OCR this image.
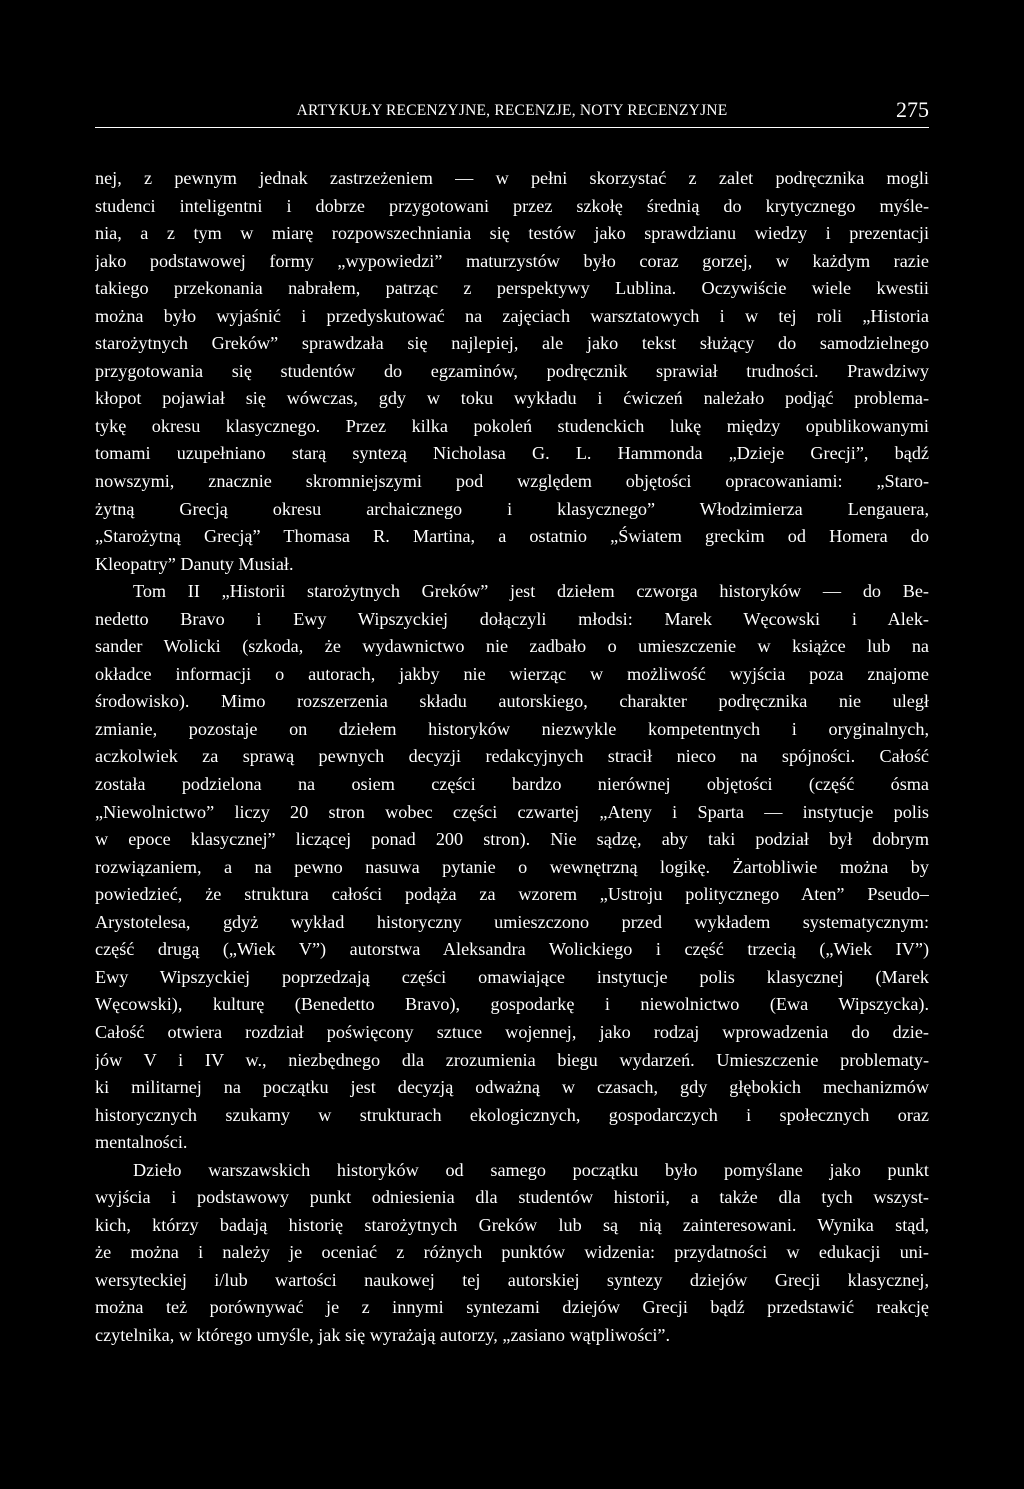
ARTYKUŁY RECENZYJNE, RECENZJE, NOTY RECENZYJNE	275
nej, z pewnym jednak zastrzeżeniem — w pełni skorzystać z zalet podręcznika mogli
studenci inteligentni i dobrze przygotowani przez szkołę średnią do krytycznego myśle-
nia, a z tym w miarę rozpowszechniania się testów jako sprawdzianu wiedzy i prezentacji
jako podstawowej formy „wypowiedzi” maturzystów było coraz gorzej, w każdym razie
takiego przekonania nabrałem, patrząc z perspektywy Lublina. Oczywiście wiele kwestii
można było wyjaśnić i przedyskutować na zajęciach warsztatowych i w tej roli „Historia
starożytnych Greków” sprawdzała się najlepiej, ale jako tekst służący do samodzielnego
przygotowania się studentów do egzaminów, podręcznik sprawiał trudności. Prawdziwy
kłopot pojawiał się wówczas, gdy w toku wykładu i ćwiczeń należało podjąć problema-
tykę okresu klasycznego. Przez kilka pokoleń studenckich lukę między opublikowanymi
tomami uzupełniano starą syntezą Nicholasa G. L. Hammonda „Dzieje Grecji”, bądź
nowszymi, znacznie skromniejszymi pod względem objętości opracowaniami: „Staro-
żytną Grecją okresu archaicznego i klasycznego” Włodzimierza Lengauera,
„Starożytną Grecją” Thomasa R. Martina, a ostatnio „Światem greckim od Homera do
Kleopatry” Danuty Musiał.
Tom II „Historii starożytnych Greków” jest dziełem czworga historyków — do Be-
nedetto Bravo i Ewy Wipszyckiej dołączyli młodsi: Marek Węcowski i Alek-
sander Wolicki (szkoda, że wydawnictwo nie zadbało o umieszczenie w książce lub na
okładce informacji o autorach, jakby nie wierząc w możliwość wyjścia poza znajome
środowisko). Mimo rozszerzenia składu autorskiego, charakter podręcznika nie uległ
zmianie, pozostaje on dziełem historyków niezwykle kompetentnych i oryginalnych,
aczkolwiek za sprawą pewnych decyzji redakcyjnych stracił nieco na spójności. Całość
została podzielona na osiem części bardzo nierównej objętości (część ósma
„Niewolnictwo” liczy 20 stron wobec części czwartej „Ateny i Sparta — instytucje polis
w epoce klasycznej” liczącej ponad 200 stron). Nie sądzę, aby taki podział był dobrym
rozwiązaniem, a na pewno nasuwa pytanie o wewnętrzną logikę. Żartobliwie można by
powiedzieć, że struktura całości podąża za wzorem „Ustroju politycznego Aten” Pseudo–
Arystotelesa, gdyż wykład historyczny umieszczono przed wykładem systematycznym:
część drugą („Wiek V”) autorstwa Aleksandra Wolickiego i część trzecią („Wiek IV”)
Ewy Wipszyckiej poprzedzają części omawiające instytucje polis klasycznej (Marek
Węcowski), kulturę (Benedetto Bravo), gospodarkę i niewolnictwo (Ewa Wipszycka).
Całość otwiera rozdział poświęcony sztuce wojennej, jako rodzaj wprowadzenia do dzie-
jów V i IV w., niezbędnego dla zrozumienia biegu wydarzeń. Umieszczenie problematy-
ki militarnej na początku jest decyzją odważną w czasach, gdy głębokich mechanizmów
historycznych szukamy w strukturach ekologicznych, gospodarczych i społecznych oraz
mentalności.
Dzieło warszawskich historyków od samego początku było pomyślane jako punkt
wyjścia i podstawowy punkt odniesienia dla studentów historii, a także dla tych wszyst-
kich, którzy badają historię starożytnych Greków lub są nią zainteresowani. Wynika stąd,
że można i należy je oceniać z różnych punktów widzenia: przydatności w edukacji uni-
wersyteckiej i/lub wartości naukowej tej autorskiej syntezy dziejów Grecji klasycznej,
można też porównywać je z innymi syntezami dziejów Grecji bądź przedstawić reakcję
czytelnika, w którego umyśle, jak się wyrażają autorzy, „zasiano wątpliwości”.
